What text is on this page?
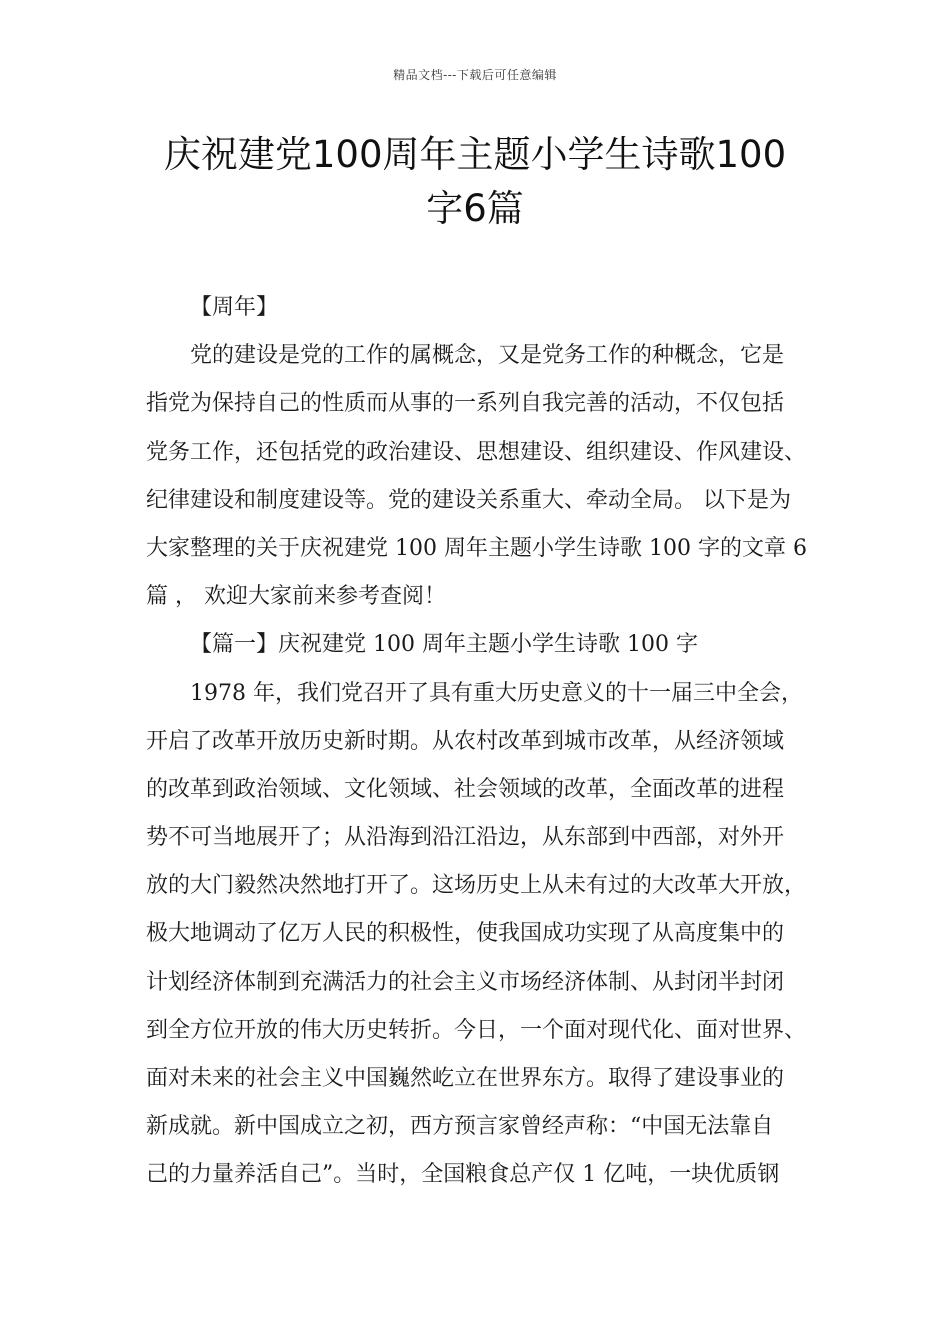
精品文档---下载后可任意编辑
庆祝建党100周年主题小学生诗歌100
字6篇
【周年】
党的建设是党的工作的属概念，又是党务工作的种概念，它是
指党为保持自己的性质而从事的一系列自我完善的活动，不仅包括
党务工作，还包括党的政治建设、思想建设、组织建设、作风建设、
纪律建设和制度建设等。党的建设关系重大、牵动全局。 以下是为
大家整理的关于庆祝建党 100 周年主题小学生诗歌 100 字的文章 6
篇 ， 欢迎大家前来参考查阅！
【篇一】庆祝建党 100 周年主题小学生诗歌 100 字
1978 年，我们党召开了具有重大历史意义的十一届三中全会，
开启了改革开放历史新时期。从农村改革到城市改革，从经济领域
的改革到政治领域、文化领域、社会领域的改革，全面改革的进程
势不可当地展开了；从沿海到沿江沿边，从东部到中西部，对外开
放的大门毅然决然地打开了。这场历史上从未有过的大改革大开放，
极大地调动了亿万人民的积极性，使我国成功实现了从高度集中的
计划经济体制到充满活力的社会主义市场经济体制、从封闭半封闭
到全方位开放的伟大历史转折。今日，一个面对现代化、面对世界、
面对未来的社会主义中国巍然屹立在世界东方。取得了建设事业的
新成就。新中国成立之初，西方预言家曾经声称：“中国无法靠自
己的力量养活自己”。当时，全国粮食总产仅 1 亿吨，一块优质钢
